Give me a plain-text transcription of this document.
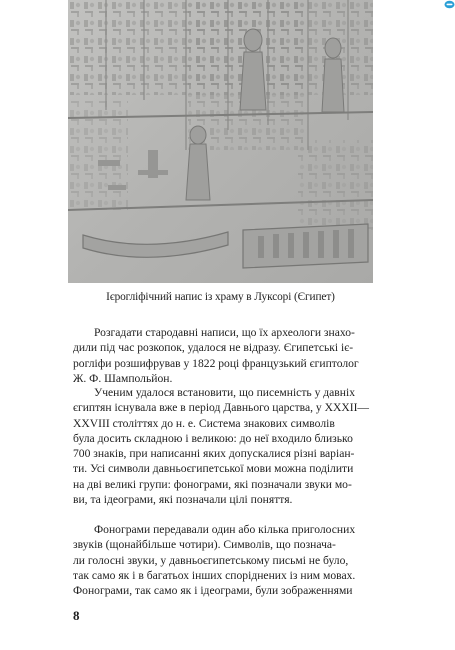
Ієрогліфічний напис із храму в Луксорі (Єгипет)

Розгадати стародавні написи, що їх археологи знахо-
дили під час розкопок, удалося не відразу. Єгипетські іє-
рогліфи розшифрував у 1822 році французький єгиптолог
Ж. Ф. Шампольйон.

Ученим удалося встановити, що писемність у давніх
єгиптян існувала вже в період Давнього царства, у XXXII—
XXVIII століттях до н. е. Система знакових символів
була досить складною і великою: до неї входило близько
700 знаків, при написанні яких допускалися різні варіан-
ти. Усі символи давньоєгипетської мови можна поділити
на дві великі групи: фонограми, які позначали звуки мо-
ви, та ідеограми, які позначали цілі поняття.

Фонограми передавали один або кілька приголосних
звуків (щонайбільше чотири). Символів, що познача-
ли голосні звуки, у давньоєгипетському письмі не було,
так само як і в багатьох інших споріднених із ним мовах.
Фонограми, так само як і ідеограми, були зображеннями

8
